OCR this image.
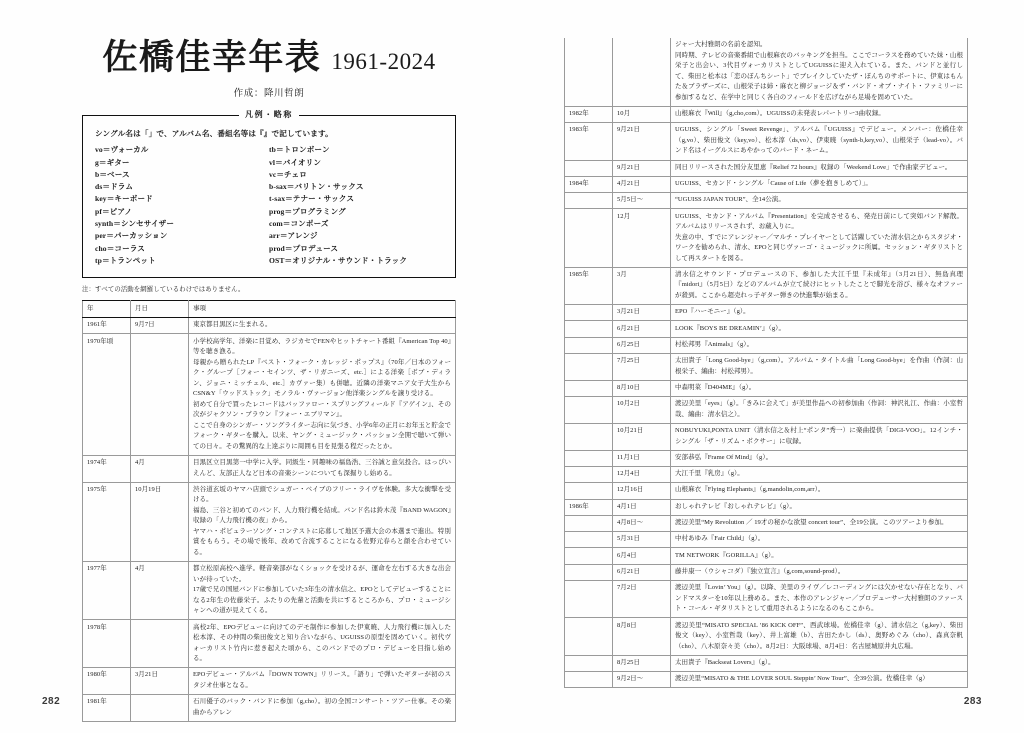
佐橋佳幸年表 1961-2024
作成：降川哲朗
凡例・略称
シングル名は「」で、アルバム名、番組名等は『』で記しています。
vo＝ヴォーカル
g＝ギター
b＝ベース
ds＝ドラム
key＝キーボード
pf＝ピアノ
synth＝シンセサイザー
per＝パーカッション
cho＝コーラス
tp＝トランペット
tb＝トロンボーン
vl＝バイオリン
vc＝チェロ
b-sax＝バリトン・サックス
t-sax＝テナー・サックス
prog＝プログラミング
com＝コンポーズ
arr＝アレンジ
prod＝プロデュース
OST＝オリジナル・サウンド・トラック
注：すべての活動を網羅しているわけではありません。
年	月日	事項
1961年	9月7日	東京都目黒区に生まれる。

1970年頃		小学校高学年、洋楽に目覚め、ラジカセでFENやヒットチャート番組『American Top 40』等を聴き漁る。

母親から贈られたLP『ベスト・フォーク・カレッジ・ポップス』（70年／日本のフォーク・グループ［フォー・セインツ、ザ・リガニーズ、etc.］による洋楽［ボブ・ディラン、ジョニ・ミッチェル、etc.］カヴァー集）も併聴。近隣の洋楽マニア女子大生からCSN&Y「ウッドストック」モノラル・ヴァージョン他洋楽シングルを譲り受ける。

初めて自分で買ったレコードはバッファロー・スプリングフィールド『アゲイン』、その次がジャクソン・ブラウン『フォー・エブリマン』。

ここで自身のシンガー・ソングライター志向に気づき、小学6年の正月にお年玉と貯金でフォーク・ギターを購入。以来、ヤング・ミュージック・パッション全開で聴いて弾いての日々。その驚異的な上達ぶりに周囲も目を見張る程だったとか。

1974年	4月	目黒区立目黒第一中学に入学。同級生・同趣味の福島浩、三谷誠と意気投合。はっぴいえんど、友部正人など日本の音楽シーンについても深掘りし始める。

1975年	10月19日	渋谷道玄坂のヤマハ店頭でシュガー・ベイブのフリー・ライヴを体験。多大な衝撃を受ける。

福島、三谷と初めてのバンド、人力飛行機を結成。バンド名は鈴木茂『BAND WAGON』収録の「人力飛行機の夜」から。

ヤマハ・ポピュラーソング・コンテストに応募して地区予選大会の本選まで進出。特別賞をもらう。その場で後年、改めて合流することになる佐野元春らと顔を合わせている。

1977年	4月	都立松原高校へ進学。軽音楽部がなくショックを受けるが、運命を左右する大きな出会いが待っていた。

17歳で兄の国屋バンドに参加していた3年生の清水信之、EPOとしてデビューすることになる2年生の佐藤栄子。ふたりの先輩と活動を共にするところから、プロ・ミュージシャンへの道が見えてくる。

1978年		高校2年、EPOデビューに向けてのデモ制作に参加した伊東暁、人力飛行機に加入した松本淳、その仲間の柴田俊文と知り合いながら、UGUISSの原型を固めていく。初代ヴォーカリスト竹内に惹き起えた頃から、このバンドでのプロ・デビューを目指し始める。

1980年	3月21日	EPOデビュー・アルバム『DOWN TOWN』リリース。「語り」で弾いたギターが初のスタジオ仕事となる。

1981年		石川優子のバック・バンドに参加（g,cho）。初の全国コンサート・ツアー仕事。その楽曲からアレン

282

		ジャー大村雅朗の名前を認知。

同時期、テレビの音楽番組で山根麻衣のバッキングを担当。ここでコーラスを務めていた妹・山根栄子と出会い、3代目ヴォーカリストとしてUGUISSに迎え入れている。また、バンドと並行して、柴田と松本は「恋のぼんちシート」でブレイクしていたザ・ぼんちのサポートに、伊東はもんた＆ブラザーズに、山根栄子は姉・麻衣と柳ジョージ＆ザ・バンド・オブ・ナイト・ファミリーに参加するなど、在学中と同じく各自のフィールドを広げながら足場を固めていた。

1982年	10月	山根麻衣『Will』（g,cho,com）。UGUISSの未発表レパートリー3曲収録。

1983年	9月21日	UGUISS、シングル「Sweet Revenge」、アルバム『UGUISS』でデビュー。メンバー：佐橋佳幸（g,vo）、柴田俊文（key,vo）、松本淳（ds,vo）、伊東暁（synth-b,key,vo）、山根栄子（lead-vo）。バンド名はイーグルスにあやかってのバード・ネーム。

	9月21日	同日リリースされた国分友里恵『Relief 72 hours』収録の「Weekend Love」で作曲家デビュー。

1984年	4月21日	UGUISS、セカンド・シングル「Cause of Life（夢を抱きしめて）」。

	5月5日～	“UGUISS JAPAN TOUR”、全14公演。

	12月	UGUISS、セカンド・アルバム『Presentation』を完成させるも、発売日前にして突如バンド解散。アルバムはリリースされず、お蔵入りに。

失意の中、すでにアレンジャー／マルチ・プレイヤーとして活躍していた清水信之からスタジオ・ワークを勧められ、清水、EPOと同じヴァーゴ・ミュージックに所属。セッション・ギタリストとして再スタートを図る。

1985年	3月	清水信之サウンド・プロデュースの下、参加した大江千里『未成年』（3月21日）、無島真理『midori』（5月5日）などのアルバムが立て続けにヒットしたことで脚光を浴び、様々なオファーが殺到。ここから超売れっ子ギター弾きの快進撃が始まる。

	3月21日	EPO『ハーモニー』（g）。

	6月21日	LOOK『BOYS BE DREAMIN’』（g）。

	6月25日	村松邦男『Animals』（g）。

	7月25日	太田貴子「Long Good-bye」（g,com）。アルバム・タイトル曲「Long Good-bye」を作曲（作詞：山根栄子、編曲：村松邦男）。

	8月10日	中森明菜『D404ME』（g）。

	10月2日	渡辺美里「eyes」（g）。「きみに会えて」が美里作品への初参加曲（作詞：神沢礼江、作曲：小室哲哉、編曲：清水信之）。

	10月21日	NOBUYUKI,PONTA UNIT（清水信之＆村上“ポンタ”秀一）に楽曲提供「DIGI-VOO」。12インチ・シングル「ザ・リズム・ボクサー」に収録。

	11月1日	安部恭弘『Frame Of Mind』（g）。

	12月4日	大江千里『乳房』（g）。

	12月16日	山根麻衣『Flying Elephants』（g,mandolin,com,arr）。

1986年	4月1日	おしゃれテレビ『おしゃれテレビ』（g）。

	4月8日～	渡辺美里“My Revolution ／ 19才の秘かな欲望 concert tour”、全19公演。このツアーより参加。

	5月31日	中村あゆみ『Fair Child』（g）。

	6月4日	TM NETWORK『GORILLA』（g）。

	6月21日	藤井康一（ウシャコダ）『独立宣言』（g,com,sound-prod）。

	7月2日	渡辺美里『Lovin’ You』（g）。以降、美里のライヴ／レコーディングには欠かせない存在となり、バンドマスターを10年以上務める。また、本作のアレンジャー／プロデューサー大村雅朗のファースト・コール・ギタリストとして重用されるようになるのもここから。

	8月8日	渡辺美里“MISATO SPECIAL ’86 KICK OFF”、西武球場。佐橋佳幸（g）、清水信之（g,key）、柴田俊文（key）、小室哲哉（key）、井上富雄（b）、古田たかし（ds）、奥野めぐみ（cho）、森真奈帆（cho）、八木原奈々美（cho）。8月2日：大阪球場、8月4日：名古屋城原井丸広場。

	8月25日	太田貴子『Backseat Lovers』（g）。

	9月2日～	渡辺美里“MISATO & THE LOVER SOUL Steppin’ Now Tour”、全39公演。佐橋佳幸（g）

283
